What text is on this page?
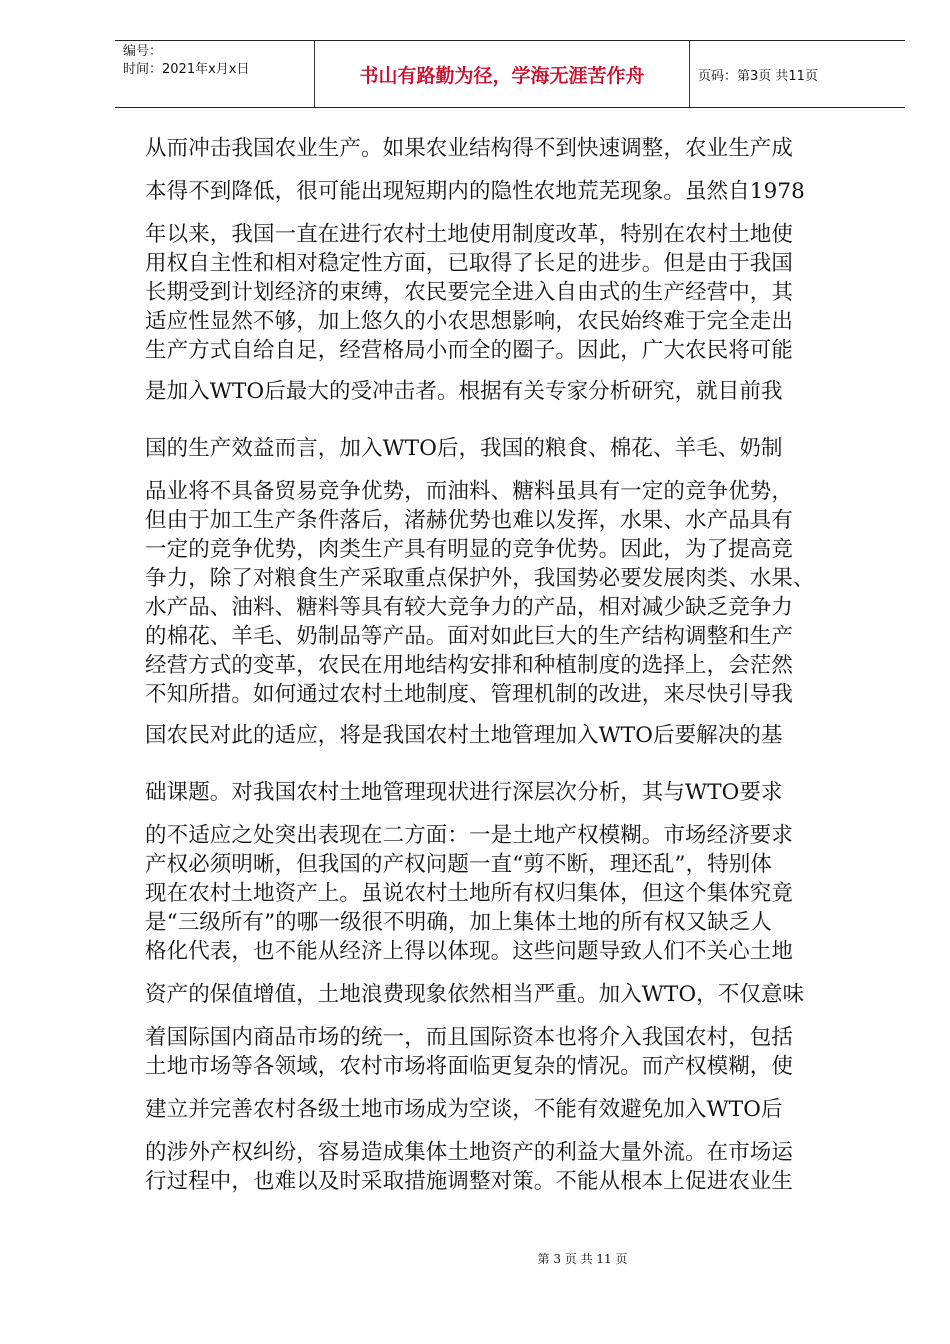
编号：
时间：2021年x月x日	书山有路勤为径，学海无涯苦作舟	页码：第3页 共11页
从而冲击我国农业生产。如果农业结构得不到快速调整，农业生产成
本得不到降低，很可能出现短期内的隐性农地荒芜现象。虽然自1978
年以来，我国一直在进行农村土地使用制度改革，特别在农村土地使
用权自主性和相对稳定性方面，已取得了长足的进步。但是由于我国
长期受到计划经济的束缚，农民要完全进入自由式的生产经营中，其
适应性显然不够，加上悠久的小农思想影响，农民始终难于完全走出
生产方式自给自足，经营格局小而全的圈子。因此，广大农民将可能
是加入WTO后最大的受冲击者。根据有关专家分析研究，就目前我
国的生产效益而言，加入WTO后，我国的粮食、棉花、羊毛、奶制
品业将不具备贸易竞争优势，而油料、糖料虽具有一定的竞争优势，
但由于加工生产条件落后，渚赫优势也难以发挥，水果、水产品具有
一定的竞争优势，肉类生产具有明显的竞争优势。因此，为了提高竞
争力，除了对粮食生产采取重点保护外，我国势必要发展肉类、水果、
水产品、油料、糖料等具有较大竞争力的产品，相对减少缺乏竞争力
的棉花、羊毛、奶制品等产品。面对如此巨大的生产结构调整和生产
经营方式的变革，农民在用地结构安排和种植制度的选择上，会茫然
不知所措。如何通过农村土地制度、管理机制的改进，来尽快引导我
国农民对此的适应，将是我国农村土地管理加入WTO后要解决的基
础课题。对我国农村土地管理现状进行深层次分析，其与WTO要求
的不适应之处突出表现在二方面：一是土地产权模糊。市场经济要求
产权必须明晰，但我国的产权问题一直“剪不断，理还乱”，特别体
现在农村土地资产上。虽说农村土地所有权归集体，但这个集体究竟
是“三级所有”的哪一级很不明确，加上集体土地的所有权又缺乏人
格化代表，也不能从经济上得以体现。这些问题导致人们不关心土地
资产的保值增值，土地浪费现象依然相当严重。加入WTO，不仅意味
着国际国内商品市场的统一，而且国际资本也将介入我国农村，包括
土地市场等各领域，农村市场将面临更复杂的情况。而产权模糊，使
建立并完善农村各级土地市场成为空谈，不能有效避免加入WTO后
的涉外产权纠纷，容易造成集体土地资产的利益大量外流。在市场运
行过程中，也难以及时采取措施调整对策。不能从根本上促进农业生
第 3 页 共 11 页
